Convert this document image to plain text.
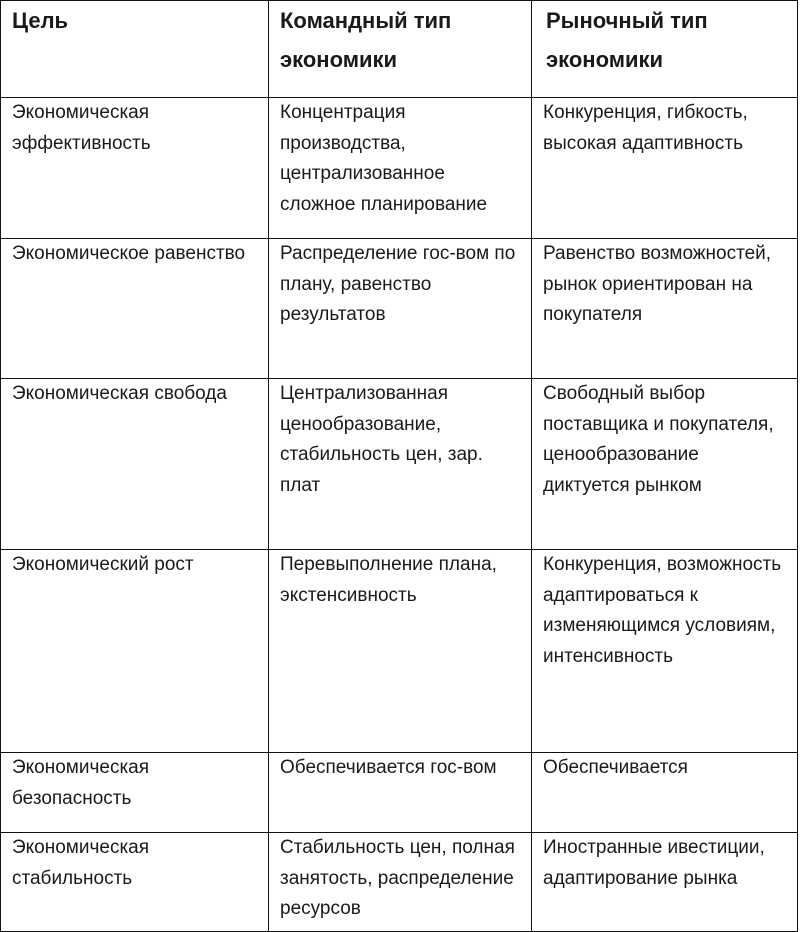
Цель	Командный тип экономики	Рыночный тип экономики

Экономическая эффективность	Концентрация производства, централизованное сложное планирование	Конкуренция, гибкость, высокая адаптивность

Экономическое равенство	Распределение гос-вом по плану, равенство результатов	Равенство возможностей, рынок ориентирован на покупателя

Экономическая свобода	Централизованная ценообразование, стабильность цен, зар. плат	Свободный выбор поставщика и покупателя, ценообразование диктуется рынком

Экономический рост	Перевыполнение плана, экстенсивность	Конкуренция, возможность адаптироваться к изменяющимся условиям, интенсивность

Экономическая безопасность	Обеспечивается гос-вом	Обеспечивается

Экономическая стабильность	Стабильность цен, полная занятость, распределение ресурсов	Иностранные ивестиции, адаптирование рынка
